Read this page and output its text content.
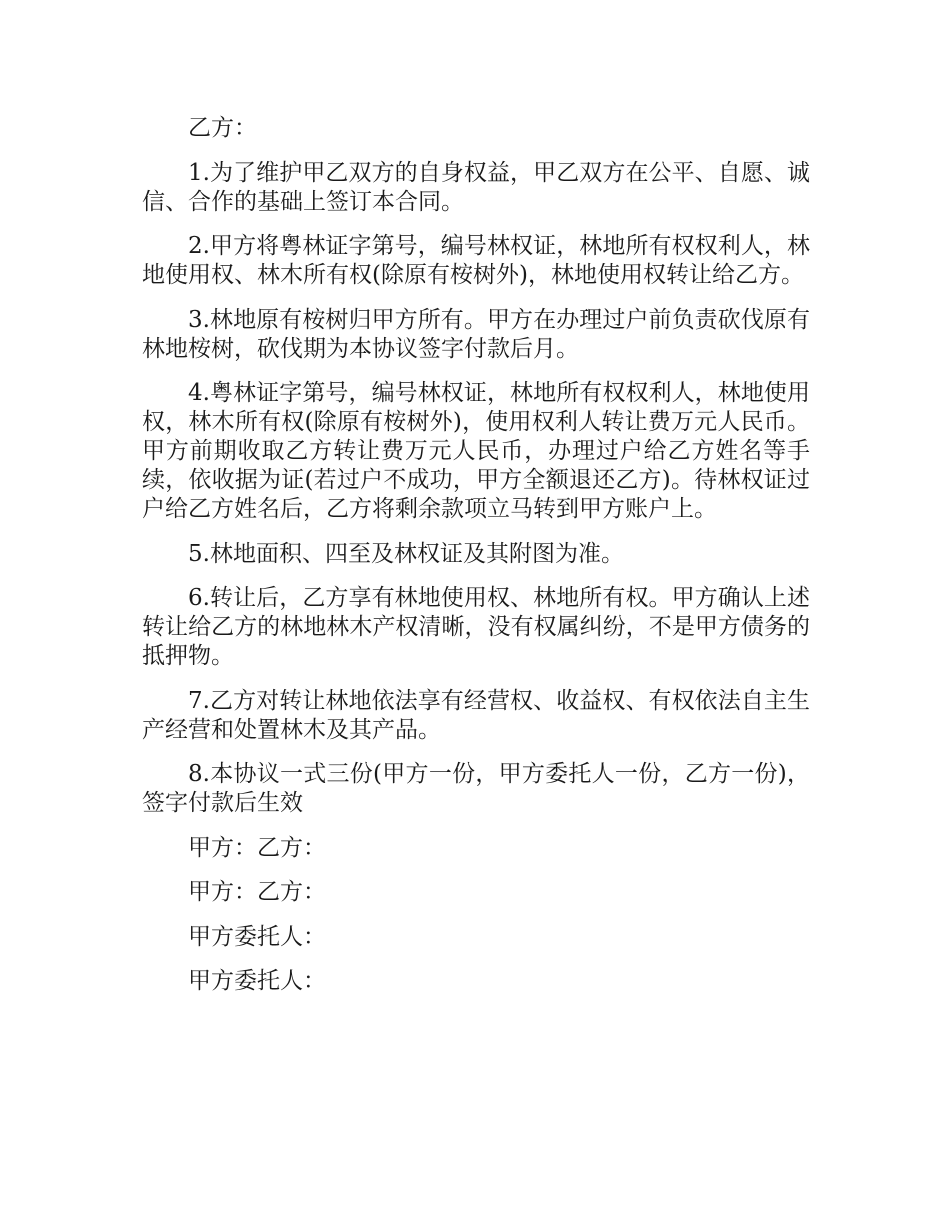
乙方：

1.为了维护甲乙双方的自身权益，甲乙双方在公平、自愿、诚信、合作的基础上签订本合同。

2.甲方将粤林证字第号，编号林权证，林地所有权权利人，林地使用权、林木所有权(除原有桉树外)，林地使用权转让给乙方。

3.林地原有桉树归甲方所有。甲方在办理过户前负责砍伐原有林地桉树，砍伐期为本协议签字付款后月。

4.粤林证字第号，编号林权证，林地所有权权利人，林地使用权，林木所有权(除原有桉树外)，使用权利人转让费万元人民币。甲方前期收取乙方转让费万元人民币，办理过户给乙方姓名等手续，依收据为证(若过户不成功，甲方全额退还乙方)。待林权证过户给乙方姓名后，乙方将剩余款项立马转到甲方账户上。

5.林地面积、四至及林权证及其附图为准。

6.转让后，乙方享有林地使用权、林地所有权。甲方确认上述转让给乙方的林地林木产权清晰，没有权属纠纷，不是甲方债务的抵押物。

7.乙方对转让林地依法享有经营权、收益权、有权依法自主生产经营和处置林木及其产品。

8.本协议一式三份(甲方一份，甲方委托人一份，乙方一份)，签字付款后生效

甲方：乙方：

甲方：乙方：

甲方委托人：

甲方委托人：
